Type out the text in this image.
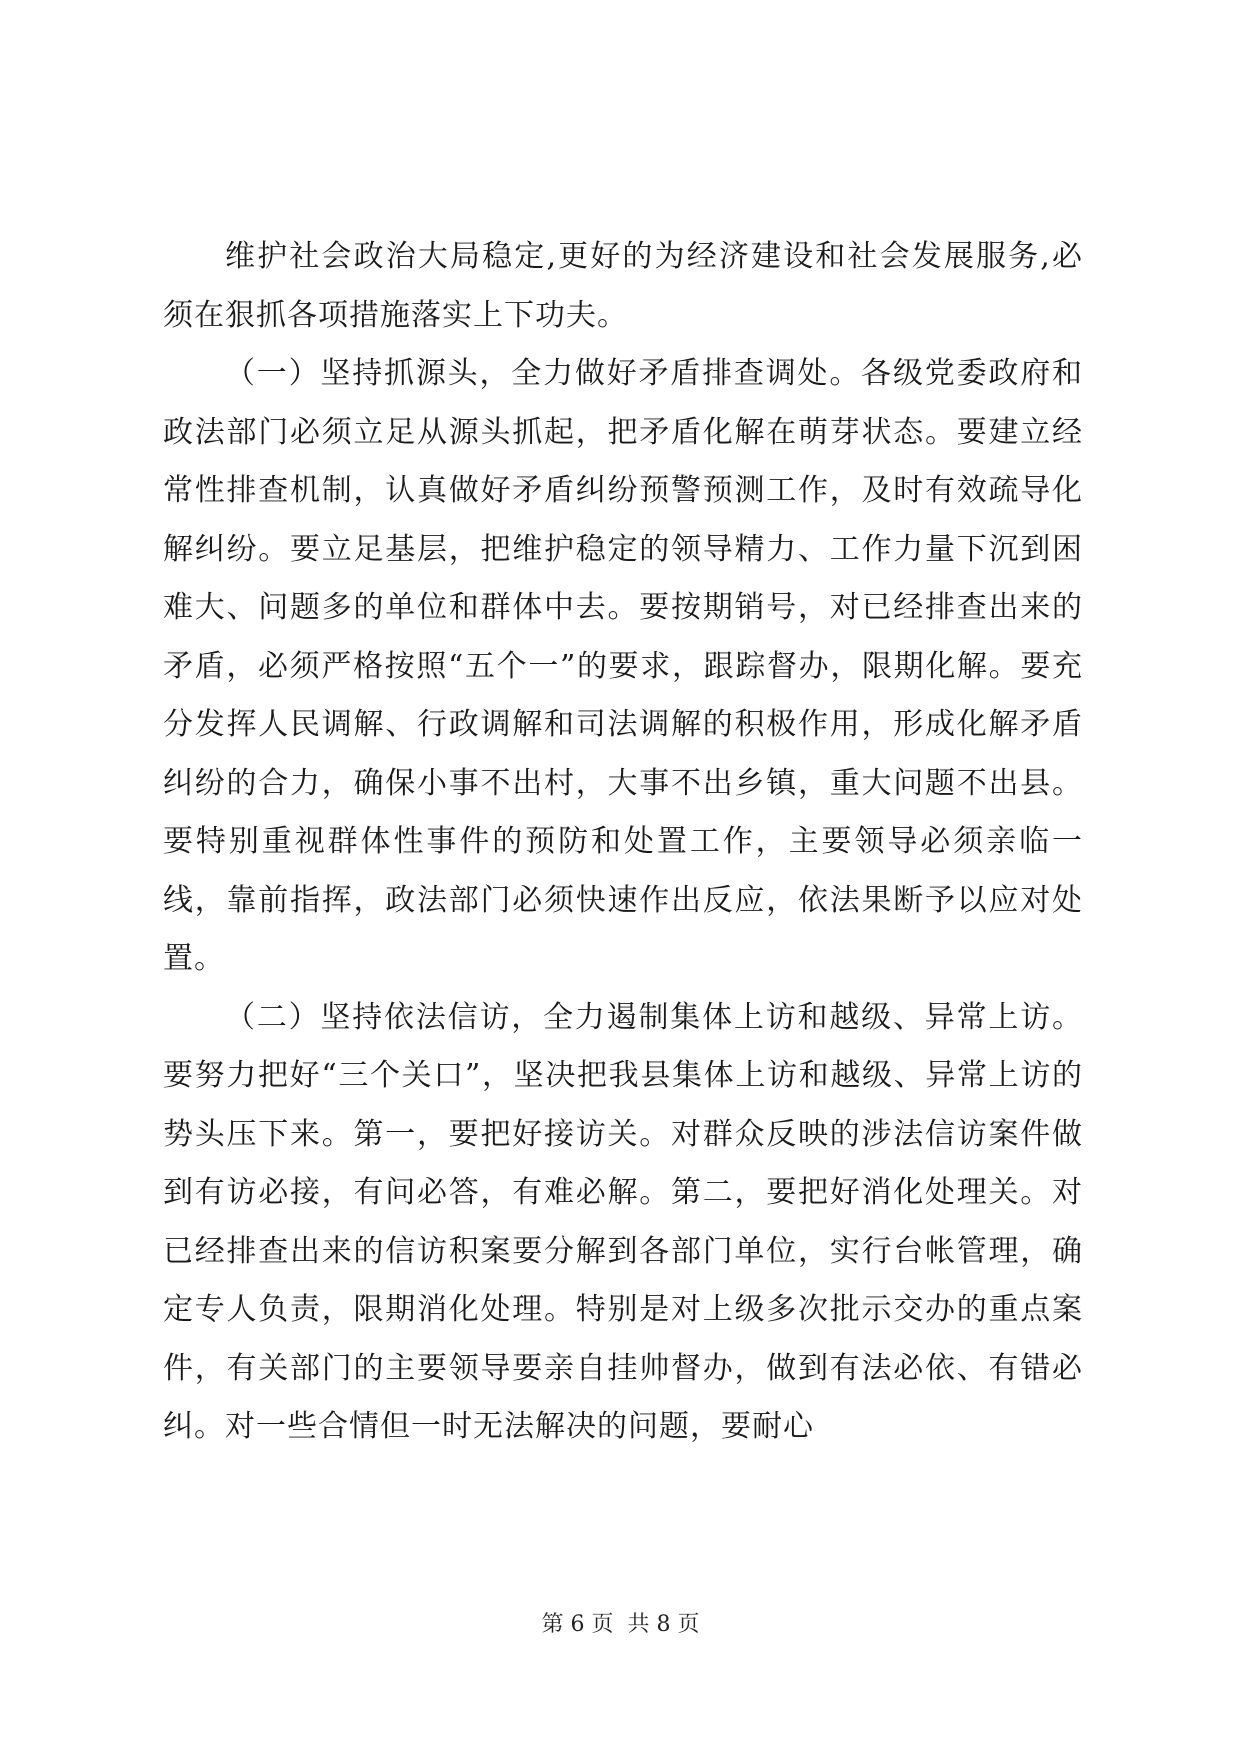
维护社会政治大局稳定,更好的为经济建设和社会发展服务,必须在狠抓各项措施落实上下功夫。

（一）坚持抓源头，全力做好矛盾排查调处。各级党委政府和政法部门必须立足从源头抓起，把矛盾化解在萌芽状态。要建立经常性排查机制，认真做好矛盾纠纷预警预测工作，及时有效疏导化解纠纷。要立足基层，把维护稳定的领导精力、工作力量下沉到困难大、问题多的单位和群体中去。要按期销号，对已经排查出来的矛盾，必须严格按照“五个一”的要求，跟踪督办，限期化解。要充分发挥人民调解、行政调解和司法调解的积极作用，形成化解矛盾纠纷的合力，确保小事不出村，大事不出乡镇，重大问题不出县。要特别重视群体性事件的预防和处置工作，主要领导必须亲临一线，靠前指挥，政法部门必须快速作出反应，依法果断予以应对处置。

（二）坚持依法信访，全力遏制集体上访和越级、异常上访。要努力把好“三个关口”，坚决把我县集体上访和越级、异常上访的势头压下来。第一，要把好接访关。对群众反映的涉法信访案件做到有访必接，有问必答，有难必解。第二，要把好消化处理关。对已经排查出来的信访积案要分解到各部门单位，实行台帐管理，确定专人负责，限期消化处理。特别是对上级多次批示交办的重点案件，有关部门的主要领导要亲自挂帅督办，做到有法必依、有错必纠。对一些合情但一时无法解决的问题，要耐心

第 6 页  共 8 页
